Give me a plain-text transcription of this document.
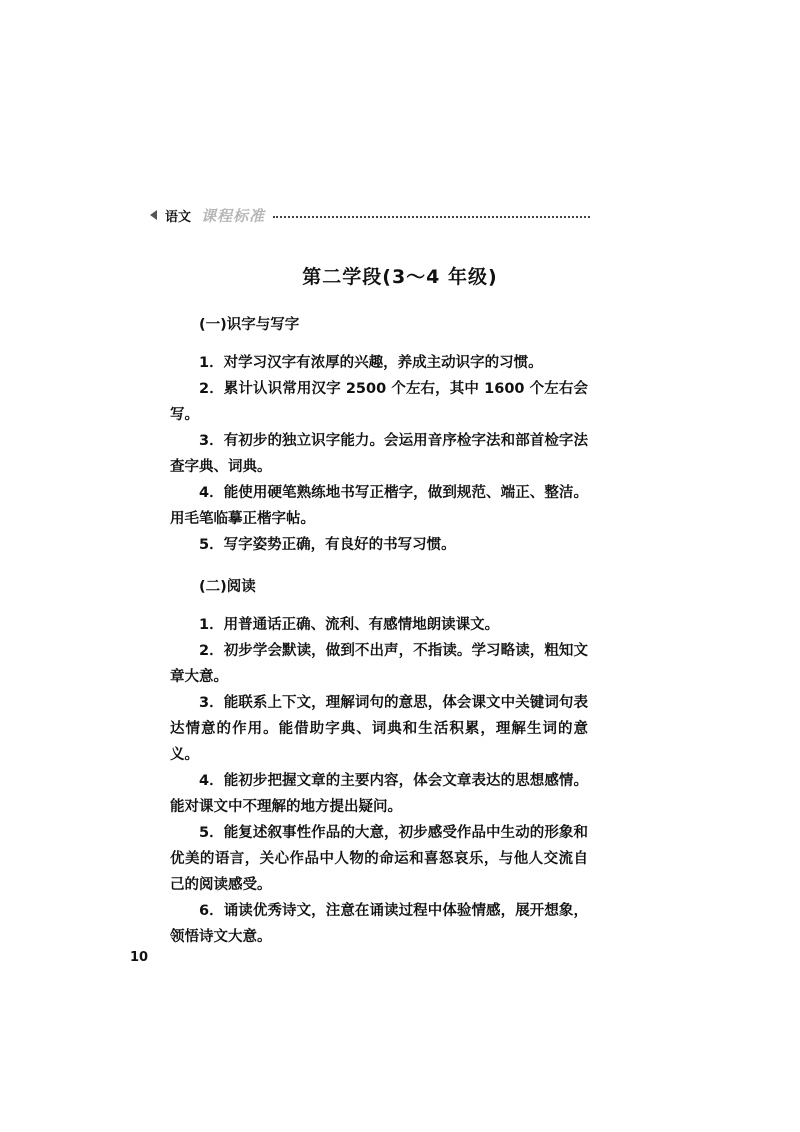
语文 课程标准
第二学段(3～4 年级)

(一)识字与写字

1．对学习汉字有浓厚的兴趣，养成主动识字的习惯。

2．累计认识常用汉字 2500 个左右，其中 1600 个左右会写。

3．有初步的独立识字能力。会运用音序检字法和部首检字法查字典、词典。

4．能使用硬笔熟练地书写正楷字，做到规范、端正、整洁。用毛笔临摹正楷字帖。

5．写字姿势正确，有良好的书写习惯。

(二)阅读

1．用普通话正确、流利、有感情地朗读课文。

2．初步学会默读，做到不出声，不指读。学习略读，粗知文章大意。

3．能联系上下文，理解词句的意思，体会课文中关键词句表达情意的作用。能借助字典、词典和生活积累，理解生词的意义。

4．能初步把握文章的主要内容，体会文章表达的思想感情。能对课文中不理解的地方提出疑问。

5．能复述叙事性作品的大意，初步感受作品中生动的形象和优美的语言，关心作品中人物的命运和喜怒哀乐，与他人交流自己的阅读感受。

6．诵读优秀诗文，注意在诵读过程中体验情感，展开想象，领悟诗文大意。

10
